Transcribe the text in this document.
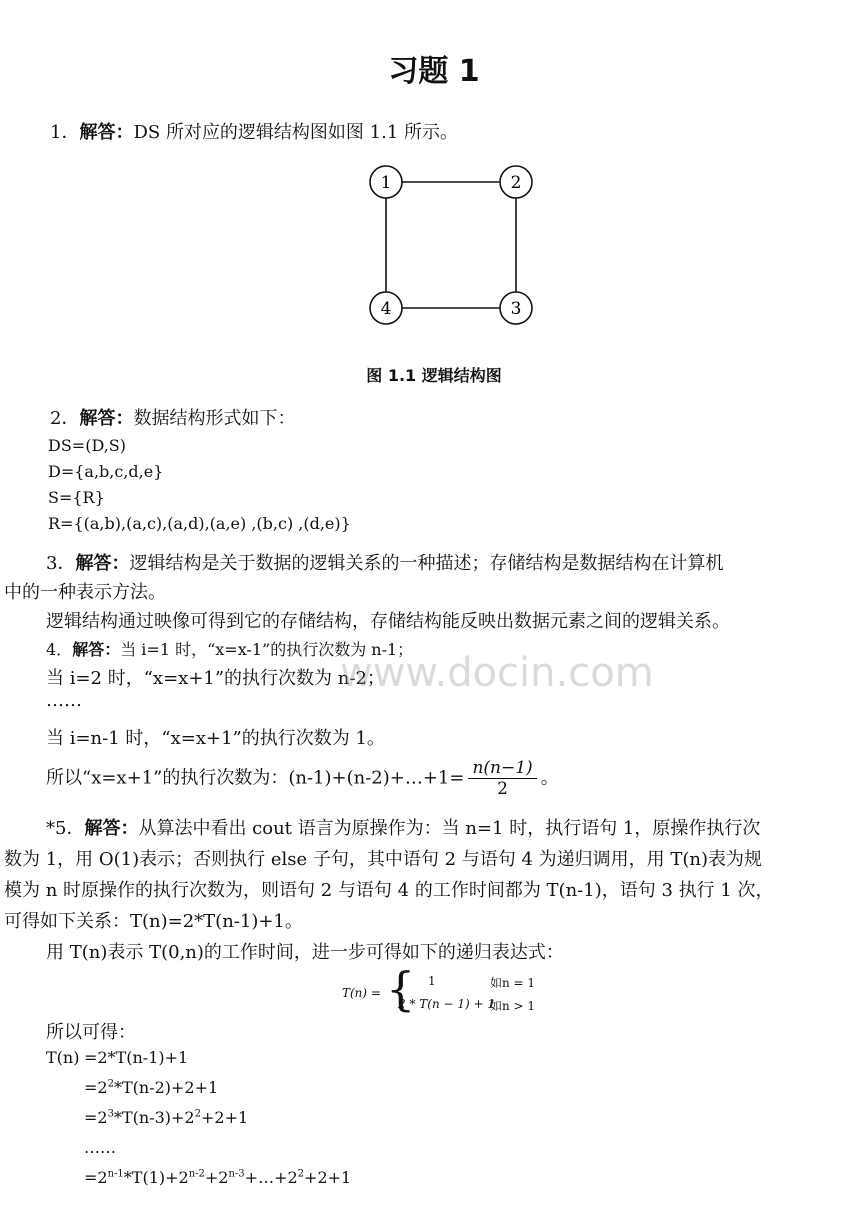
习题 1
1．解答：DS 所对应的逻辑结构图如图 1.1 所示。
1	2
3
4
图 1.1 逻辑结构图
2．解答：数据结构形式如下：
DS=(D,S)
D={a,b,c,d,e}
S={R}
R={(a,b),(a,c),(a,d),(a,e) ,(b,c) ,(d,e)}
3．解答：逻辑结构是关于数据的逻辑关系的一种描述；存储结构是数据结构在计算机
中的一种表示方法。
逻辑结构通过映像可得到它的存储结构，存储结构能反映出数据元素之间的逻辑关系。
4．解答：当 i=1 时，“x=x-1”的执行次数为 n-1；
当 i=2 时，“x=x+1”的执行次数为 n-2；
……
当 i=n-1 时，“x=x+1”的执行次数为 1。
所以“x=x+1”的执行次数为：(n-1)+(n-2)+…+1= $\frac{n(n-1)}{2}$ 。
*5．解答：从算法中看出 cout 语言为原操作为：当 n=1 时，执行语句 1，原操作执行次
数为 1，用 O(1)表示；否则执行 else 子句，其中语句 2 与语句 4 为递归调用，用 T(n)表为规
模为 n 时原操作的执行次数为，则语句 2 与语句 4 的工作时间都为 T(n-1)，语句 3 执行 1 次，
可得如下关系：T(n)=2*T(n-1)+1。
用 T(n)表示 T(0,n)的工作时间，进一步可得如下的递归表达式：
T(n) = { 1	如n = 1
2 * T(n − 1) + 1
如n > 1
所以可得：
T(n) =2*T(n-1)+1
$=2^2*T(n-2)+2+1$
$=2^3*T(n-3)+2^2+2+1$
……
$=2^{n-1}*T(1)+2^{n-2}+2^{n-3}+\dots+2^2+2+1$
www.docin.com
